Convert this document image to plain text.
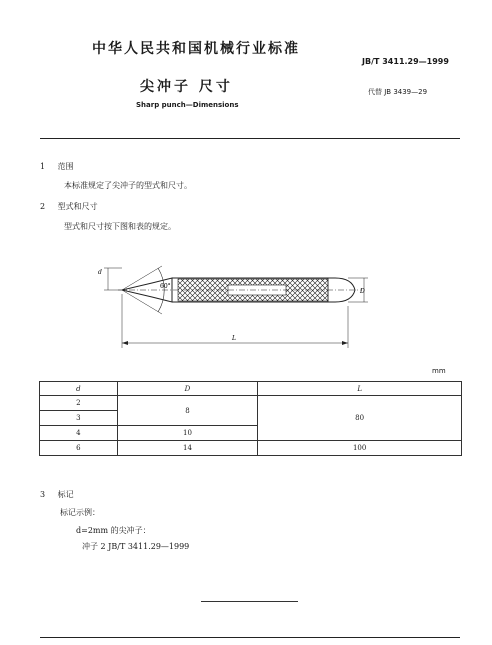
中华人民共和国机械行业标准
JB/T 3411.29—1999
尖冲子 尺寸	代替 JB 3439—29
Sharp punch—Dimensions
1 范围
本标准规定了尖冲子的型式和尺寸。
2 型式和尺寸
型式和尺寸按下图和表的规定。
60°
d
D
L
mm
d	D	L
2	8	80
3		
4	10	
6	14	100
3 标记
标记示例：
d=2mm 的尖冲子：
冲子 2 JB/T 3411.29—1999
